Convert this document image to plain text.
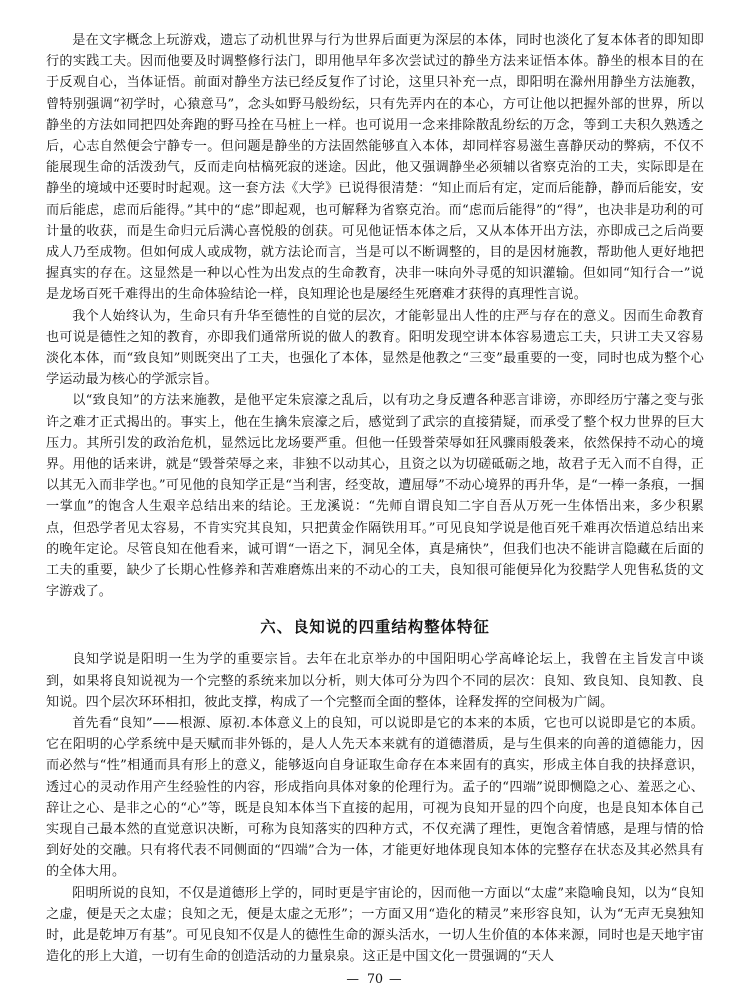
是在文字概念上玩游戏，遗忘了动机世界与行为世界后面更为深层的本体，同时也淡化了复本体者的即知即行的实践工夫。因而他要及时调整修行法门，即用他早年多次尝试过的静坐方法来证悟本体。静坐的根本目的在于反观自心，当体证悟。前面对静坐方法已经反复作了讨论，这里只补充一点，即阳明在滁州用静坐方法施教，曾特别强调“初学时，心猿意马”，念头如野马般纷纭，只有先弄内在的本心，方可让他以把握外部的世界，所以静坐的方法如同把四处奔跑的野马拴在马桩上一样。也可说用一念来排除散乱纷纭的万念，等到工夫积久熟透之后，心志自然便会宁静专一。但问题是静坐的方法固然能够直入本体，却同样容易滋生喜静厌动的弊病，不仅不能展现生命的活泼劲气，反而走向枯槁死寂的迷途。因此，他又强调静坐必须辅以省察克治的工夫，实际即是在静坐的境域中还要时时起观。这一套方法《大学》已说得很清楚：“知止而后有定，定而后能静，静而后能安，安而后能虑，虑而后能得。”其中的“虑”即起观，也可解释为省察克治。而“虑而后能得”的“得”，也决非是功利的可计量的收获，而是生命归元后满心喜悦般的创获。可见他证悟本体之后，又从本体开出方法，亦即成己之后尚要成人乃至成物。但如何成人或成物，就方法论而言，当是可以不断调整的，目的是因材施教，帮助他人更好地把握真实的存在。这显然是一种以心性为出发点的生命教育，决非一味向外寻觅的知识灌输。但如同“知行合一”说是龙场百死千难得出的生命体验结论一样，良知理论也是屡经生死磨难才获得的真理性言说。

我个人始终认为，生命只有升华至德性的自觉的层次，才能彰显出人性的庄严与存在的意义。因而生命教育也可说是德性之知的教育，亦即我们通常所说的做人的教育。阳明发现空讲本体容易遗忘工夫，只讲工夫又容易淡化本体，而“致良知”则既突出了工夫，也强化了本体，显然是他教之“三变”最重要的一变，同时也成为整个心学运动最为核心的学派宗旨。

以“致良知”的方法来施教，是他平定朱宸濠之乱后，以有功之身反遭各种恶言诽谤，亦即经历宁藩之变与张许之难才正式揭出的。事实上，他在生擒朱宸濠之后，感觉到了武宗的直接猜疑，而承受了整个权力世界的巨大压力。其所引发的政治危机，显然远比龙场要严重。但他一任毁誉荣辱如狂风骤雨般袭来，依然保持不动心的境界。用他的话来讲，就是“毁誉荣辱之来，非独不以动其心，且资之以为切磋砥砺之地，故君子无入而不自得，正以其无入而非学也。”可见他的良知学正是“当利害，经变故，遭屈辱”不动心境界的再升华，是“一棒一条痕，一掴一掌血”的饱含人生艰辛总结出来的结论。王龙溪说：“先师自谓良知二字自吾从万死一生体悟出来，多少积累点，但恐学者见太容易，不肯实究其良知，只把黄金作隔铁用耳。”可见良知学说是他百死千难再次悟道总结出来的晚年定论。尽管良知在他看来，诚可谓“一语之下，洞见全体，真是痛快”，但我们也决不能讲言隐藏在后面的工夫的重要，缺少了长期心性修养和苦难磨炼出来的不动心的工夫，良知很可能便异化为狡黠学人兜售私货的文字游戏了。

六、良知说的四重结构整体特征

良知学说是阳明一生为学的重要宗旨。去年在北京举办的中国阳明心学高峰论坛上，我曾在主旨发言中谈到，如果将良知说视为一个完整的系统来加以分析，则大体可分为四个不同的层次：良知、致良知、良知教、良知说。四个层次环环相扣，彼此支撑，构成了一个完整而全面的整体，诠释发挥的空间极为广阔。

首先看“良知”——根源、原初.本体意义上的良知，可以说即是它的本来的本质，它也可以说即是它的本质。它在阳明的心学系统中是天赋而非外铄的，是人人先天本来就有的道德潜质，是与生俱来的向善的道德能力，因而必然与“性”相通而具有形上的意义，能够返向自身证取生命存在本来固有的真实，形成主体自我的抉择意识，透过心的灵动作用产生经验性的内容，形成指向具体对象的伦理行为。孟子的“四端”说即恻隐之心、羞恶之心、辞让之心、是非之心的“心”等，既是良知本体当下直接的起用，可视为良知开显的四个向度，也是良知本体自己实现自己最本然的直觉意识决断，可称为良知落实的四种方式，不仅充满了理性，更饱含着情感，是理与情的恰到好处的交融。只有将代表不同侧面的“四端”合为一体，才能更好地体现良知本体的完整存在状态及其必然具有的全体大用。

阳明所说的良知，不仅是道德形上学的，同时更是宇宙论的，因而他一方面以“太虚”来隐喻良知，以为“良知之虚，便是天之太虚；良知之无，便是太虚之无形”；一方面又用“造化的精灵”来形容良知，认为“无声无臭独知时，此是乾坤万有基”。可见良知不仅是人的德性生命的源头活水，一切人生价值的本体来源，同时也是天地宇宙造化的形上大道，一切有生命的创造活动的力量泉泉。这正是中国文化一贯强调的“天人

— 70 —
